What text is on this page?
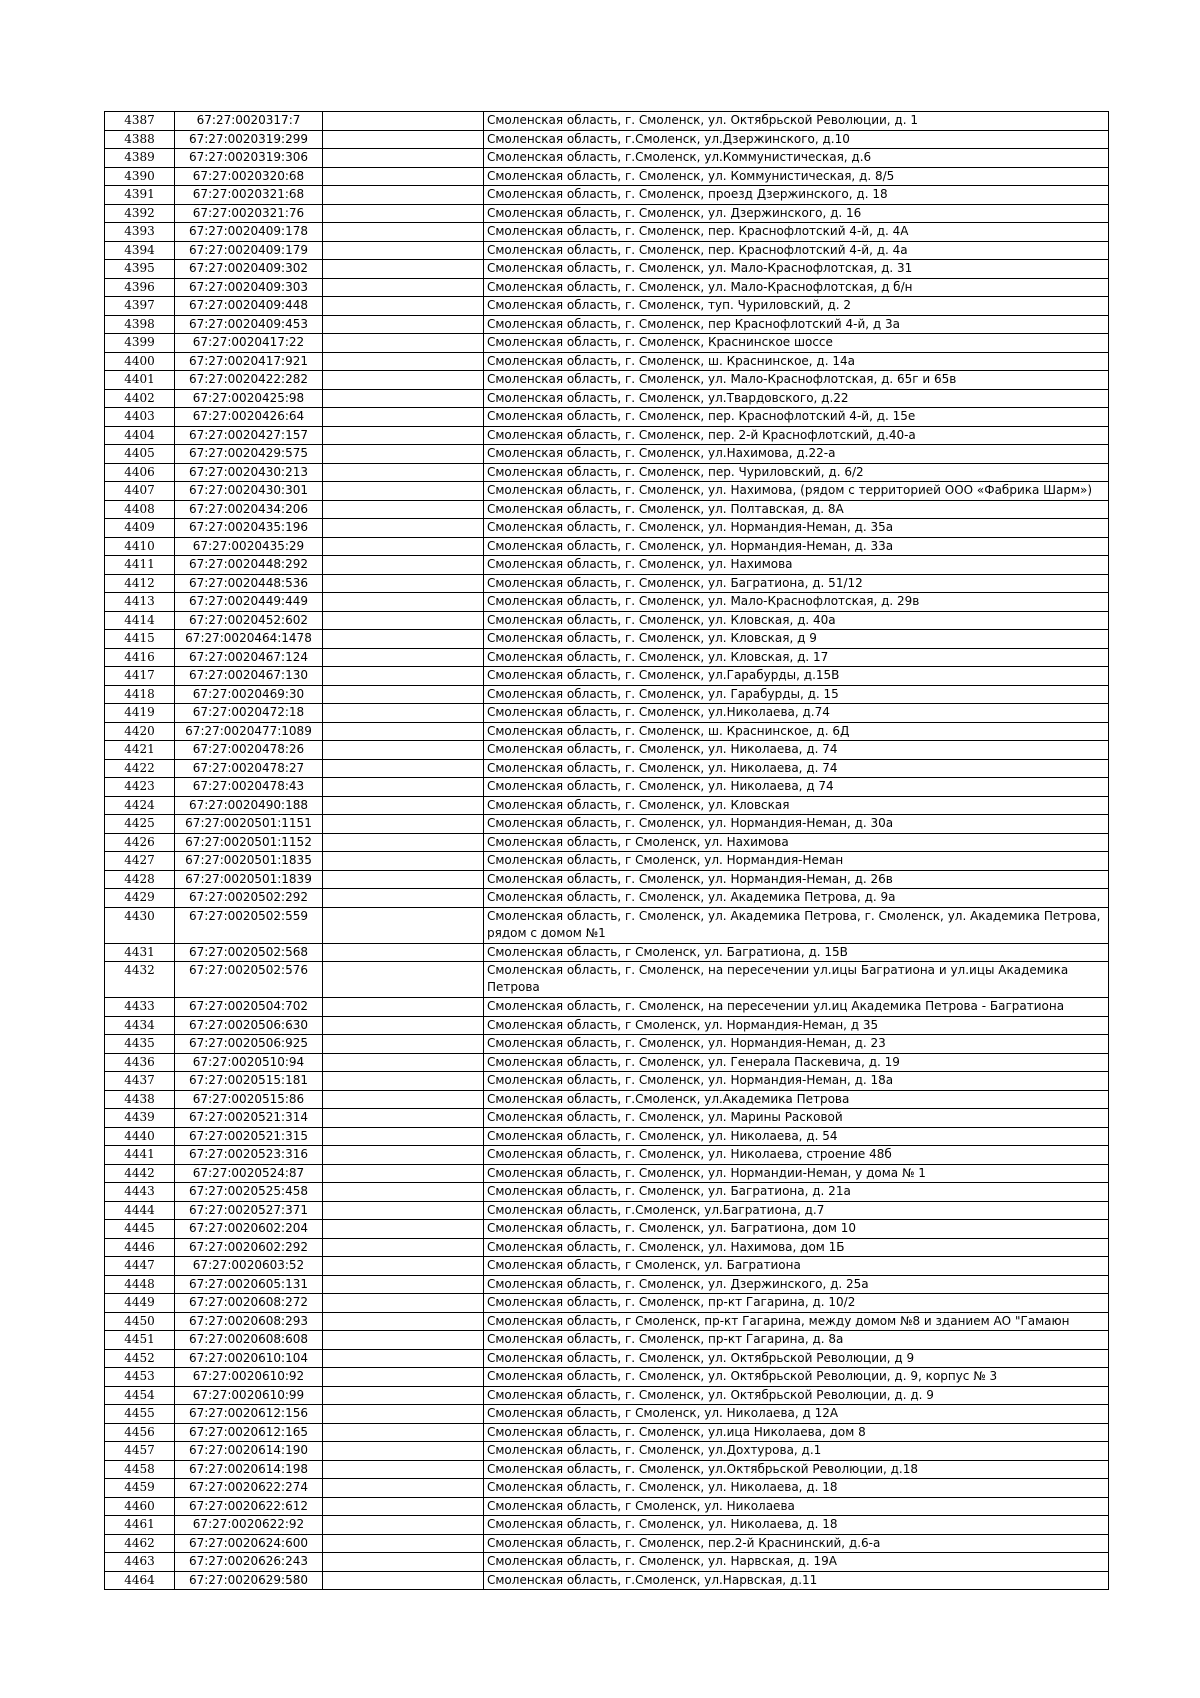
4387	67:27:0020317:7		Смоленская область, г. Смоленск, ул. Октябрьской Революции, д. 1
4388	67:27:0020319:299		Смоленская область, г.Смоленск, ул.Дзержинского, д.10
4389	67:27:0020319:306		Смоленская область, г.Смоленск, ул.Коммунистическая, д.6
4390	67:27:0020320:68		Смоленская область, г. Смоленск, ул. Коммунистическая, д. 8/5
4391	67:27:0020321:68		Смоленская область, г. Смоленск, проезд Дзержинского, д. 18
4392	67:27:0020321:76		Смоленская область, г. Смоленск, ул. Дзержинского, д. 16
4393	67:27:0020409:178		Смоленская область, г. Смоленск, пер. Краснофлотский 4-й, д. 4А
4394	67:27:0020409:179		Смоленская область, г. Смоленск, пер. Краснофлотский 4-й, д. 4а
4395	67:27:0020409:302		Смоленская область, г. Смоленск, ул. Мало-Краснофлотская, д. 31
4396	67:27:0020409:303		Смоленская область, г. Смоленск, ул. Мало-Краснофлотская, д б/н
4397	67:27:0020409:448		Смоленская область, г. Смоленск, туп. Чуриловский, д. 2
4398	67:27:0020409:453		Смоленская область, г. Смоленск, пер Краснофлотский 4-й, д 3а
4399	67:27:0020417:22		Смоленская область, г. Смоленск, Краснинское шоссе
4400	67:27:0020417:921		Смоленская область, г. Смоленск, ш. Краснинское, д. 14а
4401	67:27:0020422:282		Смоленская область, г. Смоленск, ул. Мало-Краснофлотская, д. 65г и 65в
4402	67:27:0020425:98		Смоленская область, г. Смоленск, ул.Твардовского, д.22
4403	67:27:0020426:64		Смоленская область, г. Смоленск, пер. Краснофлотский 4-й, д. 15е
4404	67:27:0020427:157		Смоленская область, г. Смоленск, пер. 2-й Краснофлотский, д.40-а
4405	67:27:0020429:575		Смоленская область, г. Смоленск, ул.Нахимова, д.22-а
4406	67:27:0020430:213		Смоленская область, г. Смоленск, пер. Чуриловский, д. 6/2
4407	67:27:0020430:301		Смоленская область, г. Смоленск, ул. Нахимова, (рядом с территорией ООО «Фабрика Шарм»)
4408	67:27:0020434:206		Смоленская область, г. Смоленск, ул. Полтавская, д. 8А
4409	67:27:0020435:196		Смоленская область, г. Смоленск, ул. Нормандия-Неман, д. 35а
4410	67:27:0020435:29		Смоленская область, г. Смоленск, ул. Нормандия-Неман, д. 33а
4411	67:27:0020448:292		Смоленская область, г. Смоленск, ул. Нахимова
4412	67:27:0020448:536		Смоленская область, г. Смоленск, ул. Багратиона, д. 51/12
4413	67:27:0020449:449		Смоленская область, г. Смоленск, ул. Мало-Краснофлотская, д. 29в
4414	67:27:0020452:602		Смоленская область, г. Смоленск, ул. Кловская, д. 40а
4415	67:27:0020464:1478		Смоленская область, г. Смоленск, ул. Кловская, д 9
4416	67:27:0020467:124		Смоленская область, г. Смоленск, ул. Кловская, д. 17
4417	67:27:0020467:130		Смоленская область, г. Смоленск, ул.Гарабурды, д.15В
4418	67:27:0020469:30		Смоленская область, г. Смоленск, ул. Гарабурды, д. 15
4419	67:27:0020472:18		Смоленская область, г. Смоленск, ул.Николаева, д.74
4420	67:27:0020477:1089		Смоленская область, г. Смоленск, ш. Краснинское, д. 6Д
4421	67:27:0020478:26		Смоленская область, г. Смоленск, ул. Николаева, д. 74
4422	67:27:0020478:27		Смоленская область, г. Смоленск, ул. Николаева, д. 74
4423	67:27:0020478:43		Смоленская область, г. Смоленск, ул. Николаева, д 74
4424	67:27:0020490:188		Смоленская область, г. Смоленск, ул. Кловская
4425	67:27:0020501:1151		Смоленская область, г. Смоленск, ул. Нормандия-Неман, д. 30а
4426	67:27:0020501:1152		Смоленская область, г Смоленск, ул. Нахимова
4427	67:27:0020501:1835		Смоленская область, г Смоленск, ул. Нормандия-Неман
4428	67:27:0020501:1839		Смоленская область, г. Смоленск, ул. Нормандия-Неман, д. 26в
4429	67:27:0020502:292		Смоленская область, г. Смоленск, ул. Академика Петрова, д. 9а
4430	67:27:0020502:559		Смоленская область, г. Смоленск, ул. Академика Петрова, г. Смоленск, ул. Академика Петрова, рядом с домом №1
4431	67:27:0020502:568		Смоленская область, г Смоленск, ул. Багратиона, д. 15В
4432	67:27:0020502:576		Смоленская область, г. Смоленск, на пересечении ул.ицы Багратиона и ул.ицы Академика Петрова
4433	67:27:0020504:702		Смоленская область, г. Смоленск, на пересечении ул.иц Академика Петрова - Багратиона
4434	67:27:0020506:630		Смоленская область, г Смоленск, ул. Нормандия-Неман, д 35
4435	67:27:0020506:925		Смоленская область, г. Смоленск, ул. Нормандия-Неман, д. 23
4436	67:27:0020510:94		Смоленская область, г. Смоленск, ул. Генерала Паскевича, д. 19
4437	67:27:0020515:181		Смоленская область, г. Смоленск, ул. Нормандия-Неман, д. 18а
4438	67:27:0020515:86		Смоленская область, г.Смоленск, ул.Академика Петрова
4439	67:27:0020521:314		Смоленская область, г. Смоленск, ул. Марины Расковой
4440	67:27:0020521:315		Смоленская область, г. Смоленск, ул. Николаева, д. 54
4441	67:27:0020523:316		Смоленская область, г. Смоленск, ул. Николаева, строение 48б
4442	67:27:0020524:87		Смоленская область, г. Смоленск, ул. Нормандии-Неман, у дома № 1
4443	67:27:0020525:458		Смоленская область, г. Смоленск, ул. Багратиона, д. 21а
4444	67:27:0020527:371		Смоленская область, г.Смоленск, ул.Багратиона, д.7
4445	67:27:0020602:204		Смоленская область, г. Смоленск, ул. Багратиона, дом 10
4446	67:27:0020602:292		Смоленская область, г. Смоленск, ул. Нахимова, дом 1Б
4447	67:27:0020603:52		Смоленская область, г Смоленск, ул. Багратиона
4448	67:27:0020605:131		Смоленская область, г. Смоленск, ул. Дзержинского, д. 25а
4449	67:27:0020608:272		Смоленская область, г. Смоленск, пр-кт Гагарина, д. 10/2
4450	67:27:0020608:293		Смоленская область, г Смоленск, пр-кт Гагарина, между домом №8 и зданием АО "Гамаюн
4451	67:27:0020608:608		Смоленская область, г. Смоленск, пр-кт Гагарина, д. 8а
4452	67:27:0020610:104		Смоленская область, г. Смоленск, ул. Октябрьской Революции, д 9
4453	67:27:0020610:92		Смоленская область, г. Смоленск, ул. Октябрьской Революции, д. 9, корпус № 3
4454	67:27:0020610:99		Смоленская область, г. Смоленск, ул. Октябрьской Революции, д. д. 9
4455	67:27:0020612:156		Смоленская область, г Смоленск, ул. Николаева, д 12А
4456	67:27:0020612:165		Смоленская область, г. Смоленск, ул.ица Николаева, дом 8
4457	67:27:0020614:190		Смоленская область, г. Смоленск, ул.Дохтурова, д.1
4458	67:27:0020614:198		Смоленская область, г. Смоленск, ул.Октябрьской Революции, д.18
4459	67:27:0020622:274		Смоленская область, г. Смоленск, ул. Николаева, д. 18
4460	67:27:0020622:612		Смоленская область, г Смоленск, ул. Николаева
4461	67:27:0020622:92		Смоленская область, г. Смоленск, ул. Николаева, д. 18
4462	67:27:0020624:600		Смоленская область, г. Смоленск, пер.2-й Краснинский, д.6-а
4463	67:27:0020626:243		Смоленская область, г. Смоленск, ул. Нарвская, д. 19А
4464	67:27:0020629:580		Смоленская область, г.Смоленск, ул.Нарвская, д.11
